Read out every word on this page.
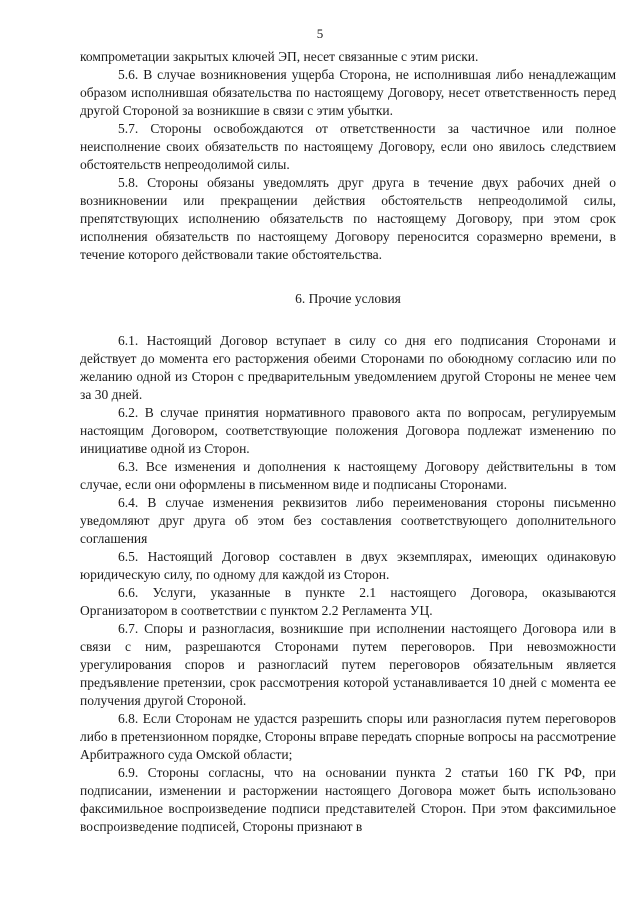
5

компрометации закрытых ключей ЭП, несет связанные с этим риски.

5.6. В случае возникновения ущерба Сторона, не исполнившая либо ненадлежащим образом исполнившая обязательства по настоящему Договору, несет ответственность перед другой Стороной за возникшие в связи с этим убытки.

5.7. Стороны освобождаются от ответственности за частичное или полное неисполнение своих обязательств по настоящему Договору, если оно явилось следствием обстоятельств непреодолимой силы.

5.8. Стороны обязаны уведомлять друг друга в течение двух рабочих дней о возникновении или прекращении действия обстоятельств непреодолимой силы, препятствующих исполнению обязательств по настоящему Договору, при этом срок исполнения обязательств по настоящему Договору переносится соразмерно времени, в течение которого действовали такие обстоятельства.

6. Прочие условия

6.1. Настоящий Договор вступает в силу со дня его подписания Сторонами и действует до момента его расторжения обеими Сторонами по обоюдному согласию или по желанию одной из Сторон с предварительным уведомлением другой Стороны не менее чем за 30 дней.

6.2. В случае принятия нормативного правового акта по вопросам, регулируемым настоящим Договором, соответствующие положения Договора подлежат изменению по инициативе одной из Сторон.

6.3. Все изменения и дополнения к настоящему Договору действительны в том случае, если они оформлены в письменном виде и подписаны Сторонами.

6.4. В случае изменения реквизитов либо переименования стороны письменно уведомляют друг друга об этом без составления соответствующего дополнительного соглашения

6.5. Настоящий Договор составлен в двух экземплярах, имеющих одинаковую юридическую силу, по одному для каждой из Сторон.

6.6. Услуги, указанные в пункте 2.1 настоящего Договора, оказываются Организатором в соответствии с пунктом 2.2 Регламента УЦ.

6.7. Споры и разногласия, возникшие при исполнении настоящего Договора или в связи с ним, разрешаются Сторонами путем переговоров. При невозможности урегулирования споров и разногласий путем переговоров обязательным является предъявление претензии, срок рассмотрения которой устанавливается 10 дней с момента ее получения другой Стороной.

6.8. Если Сторонам не удастся разрешить споры или разногласия путем переговоров либо в претензионном порядке, Стороны вправе передать спорные вопросы на рассмотрение Арбитражного суда Омской области;

6.9. Стороны согласны, что на основании пункта 2 статьи 160 ГК РФ, при подписании, изменении и расторжении настоящего Договора может быть использовано факсимильное воспроизведение подписи представителей Сторон. При этом факсимильное воспроизведение подписей, Стороны признают в
